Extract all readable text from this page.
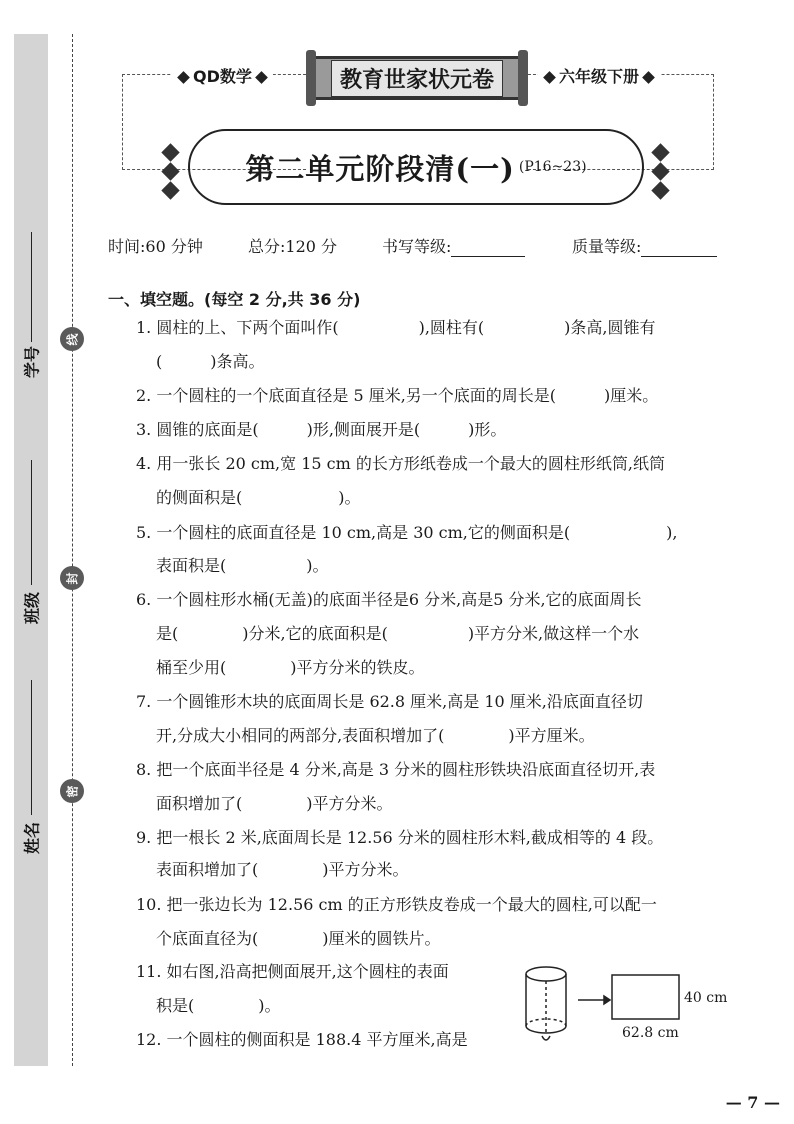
学号
班级
姓名
线
封
密
QD数学	六年级下册
教育世家状元卷
第二单元阶段清(一) (P16~23)
时间:60 分钟	总分:120 分	书写等级:	质量等级:
一、填空题。(每空 2 分,共 36 分)
1. 圆柱的上、下两个面叫作(　　　　　),圆柱有(　　　　　)条高,圆锥有
(　　　)条高。
2. 一个圆柱的一个底面直径是 5 厘米,另一个底面的周长是(　　　)厘米。
3. 圆锥的底面是(　　　)形,侧面展开是(　　　)形。
4. 用一张长 20 cm,宽 15 cm 的长方形纸卷成一个最大的圆柱形纸筒,纸筒
的侧面积是(　　　　　　)。
5. 一个圆柱的底面直径是 10 cm,高是 30 cm,它的侧面积是(　　　　　　),
表面积是(　　　　　)。
6. 一个圆柱形水桶(无盖)的底面半径是6 分米,高是5 分米,它的底面周长
是(　　　　)分米,它的底面积是(　　　　　)平方分米,做这样一个水
桶至少用(　　　　)平方分米的铁皮。
7. 一个圆锥形木块的底面周长是 62.8 厘米,高是 10 厘米,沿底面直径切
开,分成大小相同的两部分,表面积增加了(　　　　)平方厘米。
8. 把一个底面半径是 4 分米,高是 3 分米的圆柱形铁块沿底面直径切开,表
面积增加了(　　　　)平方分米。
9. 把一根长 2 米,底面周长是 12.56 分米的圆柱形木料,截成相等的 4 段。
表面积增加了(　　　　)平方分米。
10. 把一张边长为 12.56 cm 的正方形铁皮卷成一个最大的圆柱,可以配一
个底面直径为(　　　　)厘米的圆铁片。
11. 如右图,沿高把侧面展开,这个圆柱的表面
积是(　　　　)。
12. 一个圆柱的侧面积是 188.4 平方厘米,高是
40 cm
62.8 cm
— 7 —
